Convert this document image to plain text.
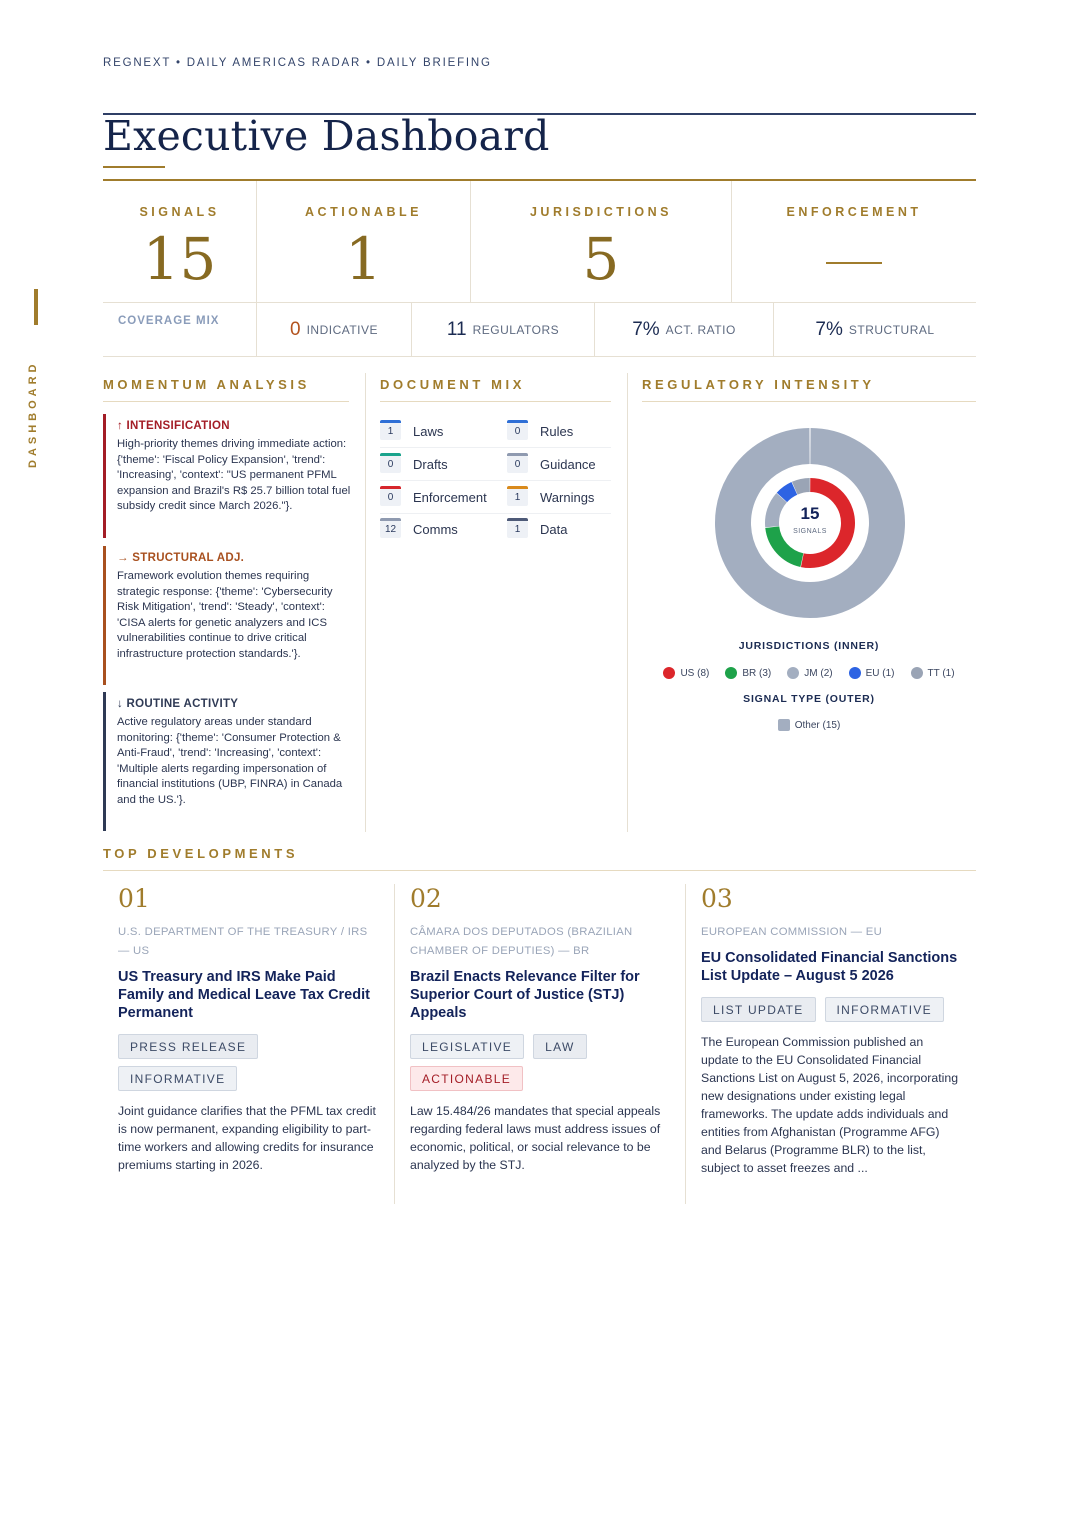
DASHBOARD
REGNEXT • DAILY AMERICAS RADAR • DAILY BRIEFING
Executive Dashboard
SIGNALS
15
ACTIONABLE
1
JURISDICTIONS
5
ENFORCEMENT
COVERAGE MIX	0 INDICATIVE	11 REGULATORS	7% ACT. RATIO	7% STRUCTURAL
MOMENTUM ANALYSIS	DOCUMENT MIX	REGULATORY INTENSITY
↑ INTENSIFICATION
High-priority themes driving immediate action: {'theme': 'Fiscal Policy Expansion', 'trend': 'Increasing', 'context': "US permanent PFML expansion and Brazil's R$ 25.7 billion total fuel subsidy credit since March 2026."}.
→ STRUCTURAL ADJ.
Framework evolution themes requiring strategic response: {'theme': 'Cybersecurity Risk Mitigation', 'trend': 'Steady', 'context': 'CISA alerts for genetic analyzers and ICS vulnerabilities continue to drive critical infrastructure protection standards.'}.
↓ ROUTINE ACTIVITY
Active regulatory areas under standard monitoring: {'theme': 'Consumer Protection & Anti-Fraud', 'trend': 'Increasing', 'context': 'Multiple alerts regarding impersonation of financial institutions (UBP, FINRA) in Canada and the US.'}.
1	Laws	0	Rules
0	Drafts	0	Guidance
0	Enforcement	1	Warnings
12	Comms	1	Data
15
SIGNALS
JURISDICTIONS (INNER)
US (8)	BR (3)	JM (2)	EU (1)	TT (1)
SIGNAL TYPE (OUTER)
Other (15)
TOP DEVELOPMENTS
01
U.S. DEPARTMENT OF THE TREASURY / IRS — US
US Treasury and IRS Make Paid Family and Medical Leave Tax Credit Permanent
PRESS RELEASE
INFORMATIVE
Joint guidance clarifies that the PFML tax credit is now permanent, expanding eligibility to part-time workers and allowing credits for insurance premiums starting in 2026.
02
CÂMARA DOS DEPUTADOS (BRAZILIAN CHAMBER OF DEPUTIES) — BR
Brazil Enacts Relevance Filter for Superior Court of Justice (STJ) Appeals
LEGISLATIVE	LAW
ACTIONABLE
Law 15.484/26 mandates that special appeals regarding federal laws must address issues of economic, political, or social relevance to be analyzed by the STJ.
03
EUROPEAN COMMISSION — EU
EU Consolidated Financial Sanctions List Update – August 5 2026
LIST UPDATE	INFORMATIVE
The European Commission published an update to the EU Consolidated Financial Sanctions List on August 5, 2026, incorporating new designations under existing legal frameworks. The update adds individuals and entities from Afghanistan (Programme AFG) and Belarus (Programme BLR) to the list, subject to asset freezes and ...
